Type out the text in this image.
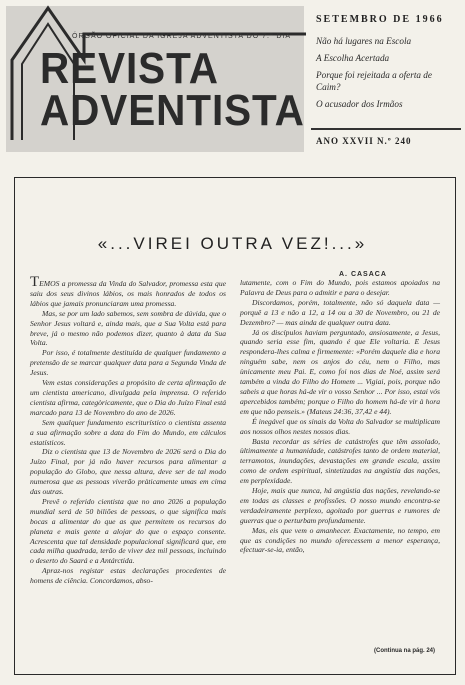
ÓRGÃO OFICIAL DA IGREJA ADVENTISTA DO 7.º DIA
REVISTA
ADVENTISTA
SETEMBRO DE 1966
Não há lugares na Escola
A Escolha Acertada
Porque foi rejeitada a oferta de Caim?
O acusador dos Irmãos
ANO XXVII N.º 240
«...VIREI OUTRA VEZ!...»
A. CASACA

TEMOS a promessa da Vinda do Salvador, promessa esta que saiu dos seus divinos lábios, os mais honrados de todos os lábios que jamais pronunciaram uma promessa.

Mas, se por um lado sabemos, sem sombra de dúvida, que o Senhor Jesus voltará e, ainda mais, que a Sua Volta está para breve, já o mesmo não podemos dizer, quanto à data da Sua Volta.

Por isso, é totalmente destituída de qualquer fundamento a pretensão de se marcar qualquer data para a Segunda Vinda de Jesus.

Vem estas considerações a propósito de certa afirmação de um cientista americano, divulgada pela imprensa. O referido cientista afirma, categòricamente, que o Dia do Juízo Final está marcado para 13 de Novembro do ano de 2026.

Sem qualquer fundamento escriturístico o cientista assenta a sua afirmação sobre a data do Fim do Mundo, em cálculos estatísticos.

Diz o cientista que 13 de Novembro de 2026 será o Dia do Juízo Final, por já não haver recursos para alimentar a população do Globo, que nessa altura, deve ser de tal modo numerosa que as pessoas viverão pràticamente umas em cima das outras.

Prevê o referido cientista que no ano 2026 a população mundial será de 50 biliões de pessoas, o que significa mais bocas a alimentar do que as que permitem os recursos do planeta e mais gente a alojar do que o espaço consente. Acrescenta que tal densidade populacional significará que, em cada milha quadrada, terão de viver dez mil pessoas, incluindo o deserto do Saará e a Antárctida.

Apraz-nos registar estas declarações procedentes de homens de ciência. Concordamos, abso-

lutamente, com o Fim do Mundo, pois estamos apoiados na Palavra de Deus para o admitir e para o desejar.

Discordamos, porém, totalmente, não só daquela data — porquê a 13 e não a 12, a 14 ou a 30 de Novembro, ou 21 de Dezembro? — mas ainda de qualquer outra data.

Já os discípulos haviam perguntado, ansiosamente, a Jesus, quando seria esse fim, quando é que Ele voltaria. E Jesus respondera-lhes calma e firmemente: «Porém daquele dia e hora ninguém sabe, nem os anjos do céu, nem o Filho, mas ùnicamente meu Pai. E, como foi nos dias de Noé, assim será também a vinda do Filho do Homem ... Vigiai, pois, porque não sabeis a que horas há-de vir o vosso Senhor ... Por isso, estai vós apercebidos também; porque o Filho do homem há-de vir à hora em que não penseis.» (Mateus 24:36, 37,42 e 44).

É inegável que os sinais da Volta do Salvador se multiplicam aos nossos olhos nestes nossos dias.

Basta recordar as séries de catástrofes que têm assolado, ùltimamente a humanidade, catástrofes tanto de ordem material, terramotos, inundações, devastações em grande escala, assim como de ordem espiritual, sintetizadas na angústia das nações, em perplexidade.

Hoje, mais que nunca, há angústia das nações, revelando-se em todas as classes e profissões. O nosso mundo encontra-se verdadeiramente perplexo, agoitado por guerras e rumores de guerras que o perturbam profundamente.

Mas, eis que vem o amanhecer. Exactamente, no tempo, em que as condições no mundo oferecessem a menor esperança, efectuar-se-ia, então,

(Continua na pág. 24)
